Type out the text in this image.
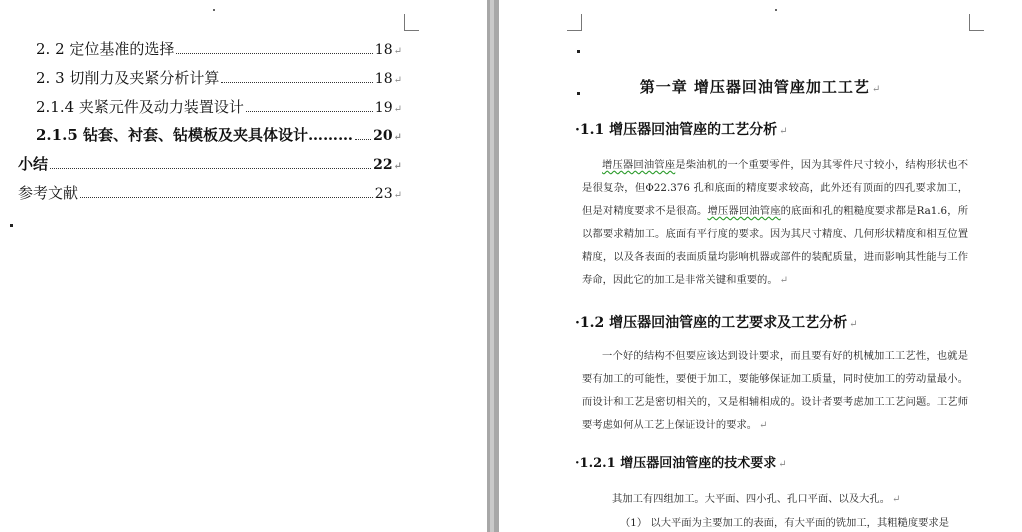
2. 2 定位基准的选择	18 ↵
2. 3 切削力及夹紧分析计算	18 ↵
2.1.4 夹紧元件及动力装置设计	19 ↵
2.1.5 钻套、衬套、钻模板及夹具体设计……… 20 ↵
小结	22 ↵
参考文献	23 ↵
第一章 增压器回油管座加工工艺 ↵
·1.1 增压器回油管座的工艺分析 ↵
增压器回油管座是柴油机的一个重要零件，因为其零件尺寸较小，结构形状也不是很复杂，但Φ22.376 孔和底面的精度要求较高，此外还有顶面的四孔要求加工，但是对精度要求不是很高。增压器回油管座的底面和孔的粗糙度要求都是Ra1.6，所以都要求精加工。底面有平行度的要求。因为其尺寸精度、几何形状精度和相互位置精度，以及各表面的表面质量均影响机器或部件的装配质量，进而影响其性能与工作寿命，因此它的加工是非常关键和重要的。 ↵
·1.2 增压器回油管座的工艺要求及工艺分析 ↵
一个好的结构不但要应该达到设计要求，而且要有好的机械加工工艺性，也就是要有加工的可能性，要便于加工，要能够保证加工质量，同时使加工的劳动量最小。而设计和工艺是密切相关的，又是相辅相成的。设计者要考虑加工工艺问题。工艺师要考虑如何从工艺上保证设计的要求。 ↵
·1.2.1 增压器回油管座的技术要求 ↵
其加工有四组加工。大平面、四小孔、孔口平面、以及大孔。 ↵
（1） 以大平面为主要加工的表面，有大平面的铣加工，其粗糙度要求是
